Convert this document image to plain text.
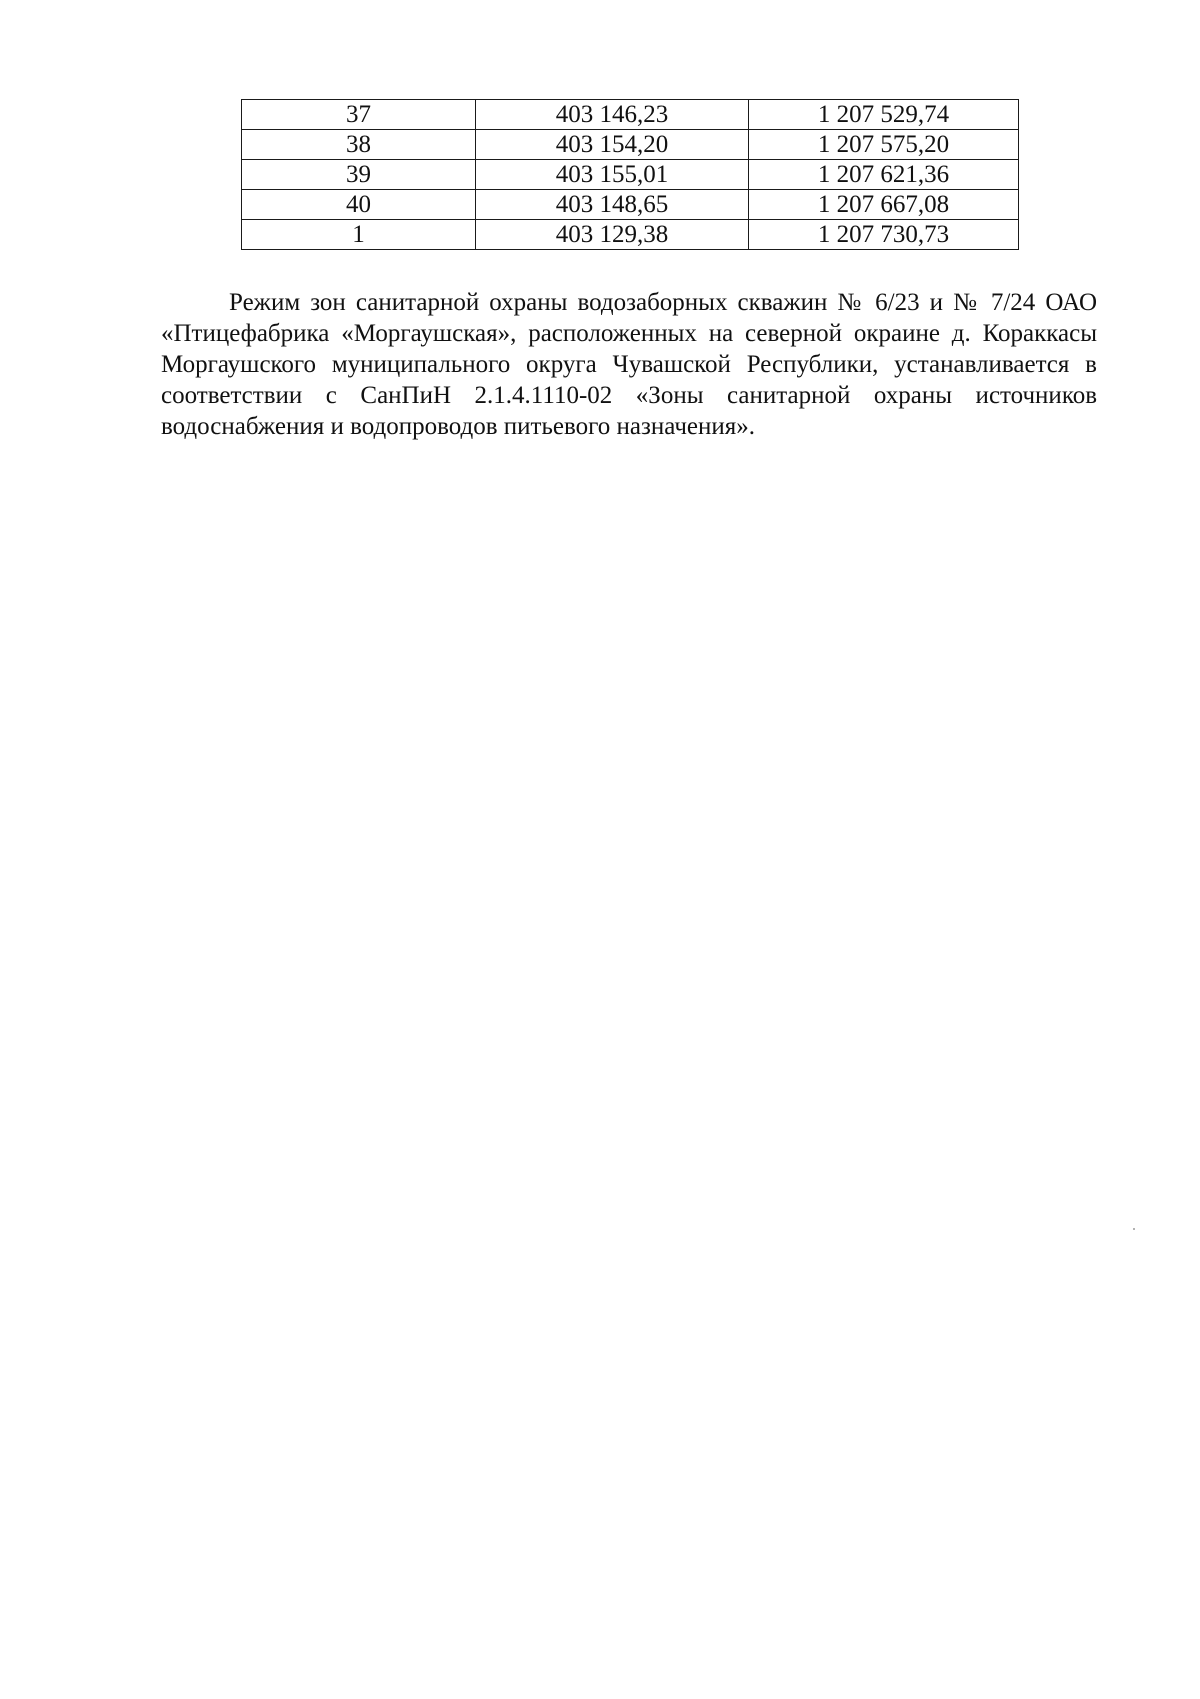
37	403 146,23	1 207 529,74
38	403 154,20	1 207 575,20
39	403 155,01	1 207 621,36
40	403 148,65	1 207 667,08
1	403 129,38	1 207 730,73

Режим зон санитарной охраны водозаборных скважин № 6/23 и № 7/24 ОАО «Птицефабрика «Моргаушская», расположенных на северной окраине д. Кораккасы Моргаушского муниципального округа Чувашской Республики, устанавливается в соответствии с СанПиН 2.1.4.1110-02 «Зоны санитарной охраны источников водоснабжения и водопроводов питьевого назначения».
